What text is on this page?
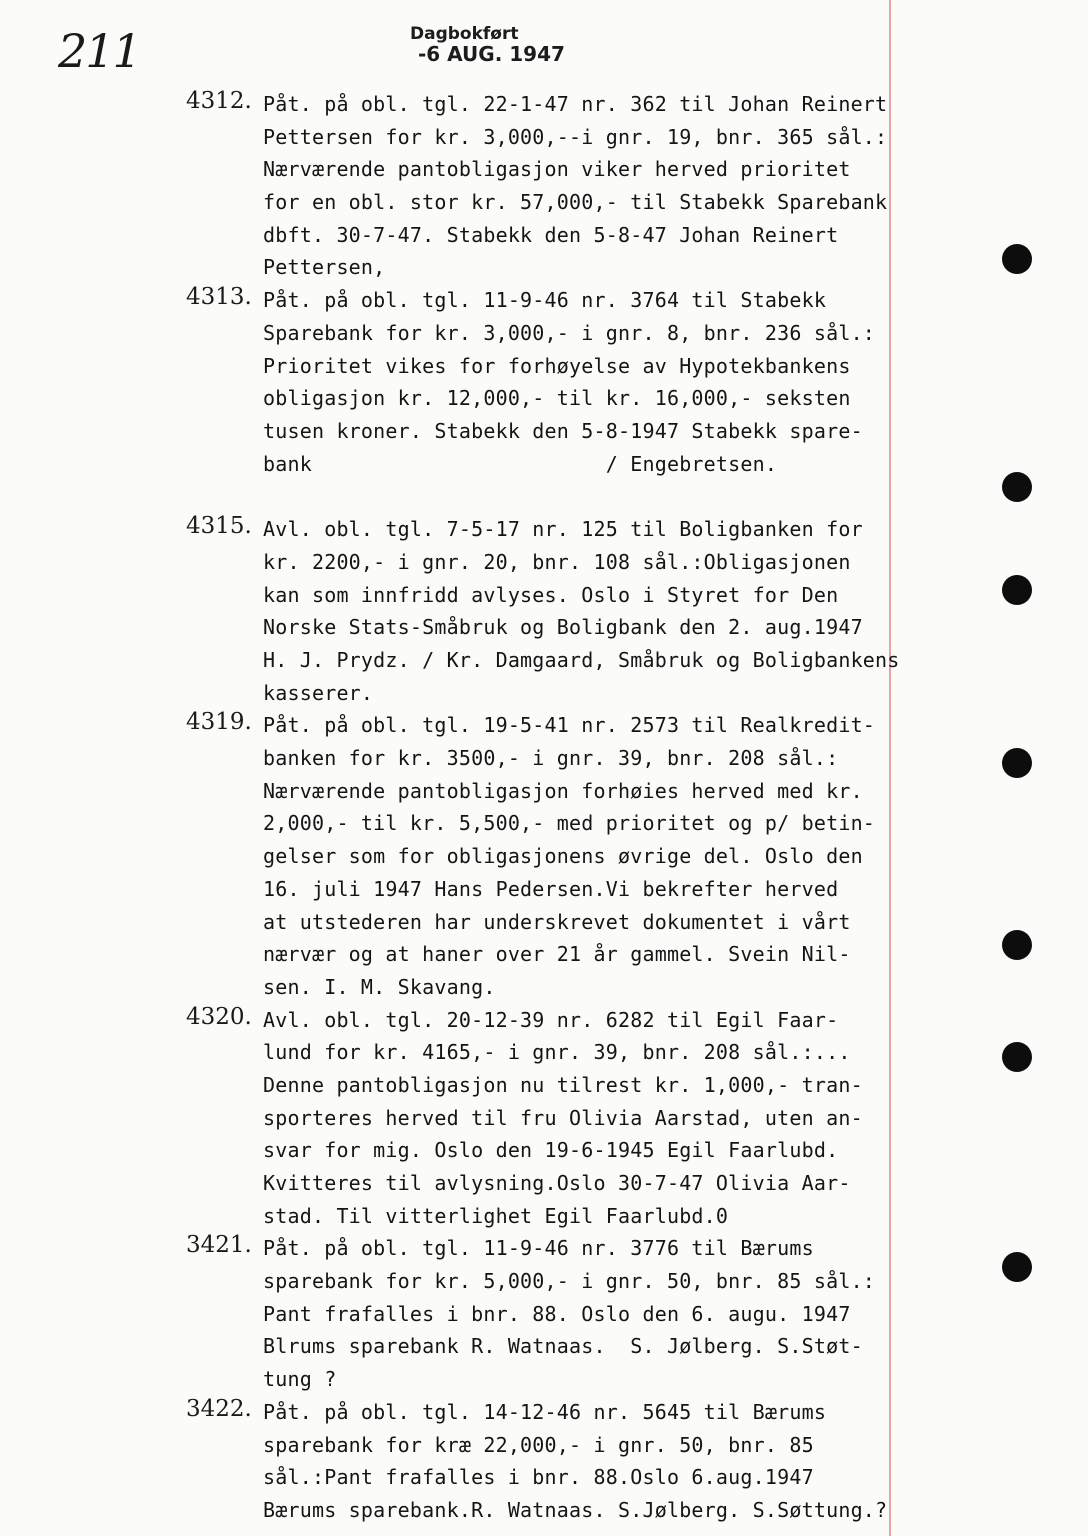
211	Dagbokført
-6 AUG. 1947
4312. Påt. på obl. tgl. 22-1-47 nr. 362 til Johan Reinert
Pettersen for kr. 3,000,--i gnr. 19, bnr. 365 sål.:
Nærværende pantobligasjon viker herved prioritet
for en obl. stor kr. 57,000,- til Stabekk Sparebank
dbft. 30-7-47. Stabekk den 5-8-47 Johan Reinert
Pettersen,
4313. Påt. på obl. tgl. 11-9-46 nr. 3764 til Stabekk
Sparebank for kr. 3,000,- i gnr. 8, bnr. 236 sål.:
Prioritet vikes for forhøyelse av Hypotekbankens
obligasjon kr. 12,000,- til kr. 16,000,- seksten
tusen kroner. Stabekk den 5-8-1947 Stabekk spare-
bank                        / Engebretsen.
4315. Avl. obl. tgl. 7-5-17 nr. 125 til Boligbanken for
kr. 2200,- i gnr. 20, bnr. 108 sål.:Obligasjonen
kan som innfridd avlyses. Oslo i Styret for Den
Norske Stats-Småbruk og Boligbank den 2. aug.1947
H. J. Prydz. / Kr. Damgaard, Småbruk og Boligbankens
kasserer.
4319. Påt. på obl. tgl. 19-5-41 nr. 2573 til Realkredit-
banken for kr. 3500,- i gnr. 39, bnr. 208 sål.:
Nærværende pantobligasjon forhøies herved med kr.
2,000,- til kr. 5,500,- med prioritet og p/ betin-
gelser som for obligasjonens øvrige del. Oslo den
16. juli 1947 Hans Pedersen.Vi bekrefter herved
at utstederen har underskrevet dokumentet i vårt
nærvær og at haner over 21 år gammel. Svein Nil-
sen. I. M. Skavang.
4320. Avl. obl. tgl. 20-12-39 nr. 6282 til Egil Faar-
lund for kr. 4165,- i gnr. 39, bnr. 208 sål.:...
Denne pantobligasjon nu tilrest kr. 1,000,- tran-
sporteres herved til fru Olivia Aarstad, uten an-
svar for mig. Oslo den 19-6-1945 Egil Faarlubd.
Kvitteres til avlysning.Oslo 30-7-47 Olivia Aar-
stad. Til vitterlighet Egil Faarlubd.0
3421. Påt. på obl. tgl. 11-9-46 nr. 3776 til Bærums
sparebank for kr. 5,000,- i gnr. 50, bnr. 85 sål.:
Pant frafalles i bnr. 88. Oslo den 6. augu. 1947
Blrums sparebank R. Watnaas.  S. Jølberg. S.Støt-
tung ?
3422. Påt. på obl. tgl. 14-12-46 nr. 5645 til Bærums
sparebank for kræ 22,000,- i gnr. 50, bnr. 85
sål.:Pant frafalles i bnr. 88.Oslo 6.aug.1947
Bærums sparebank.R. Watnaas. S.Jølberg. S.Søttung.?
